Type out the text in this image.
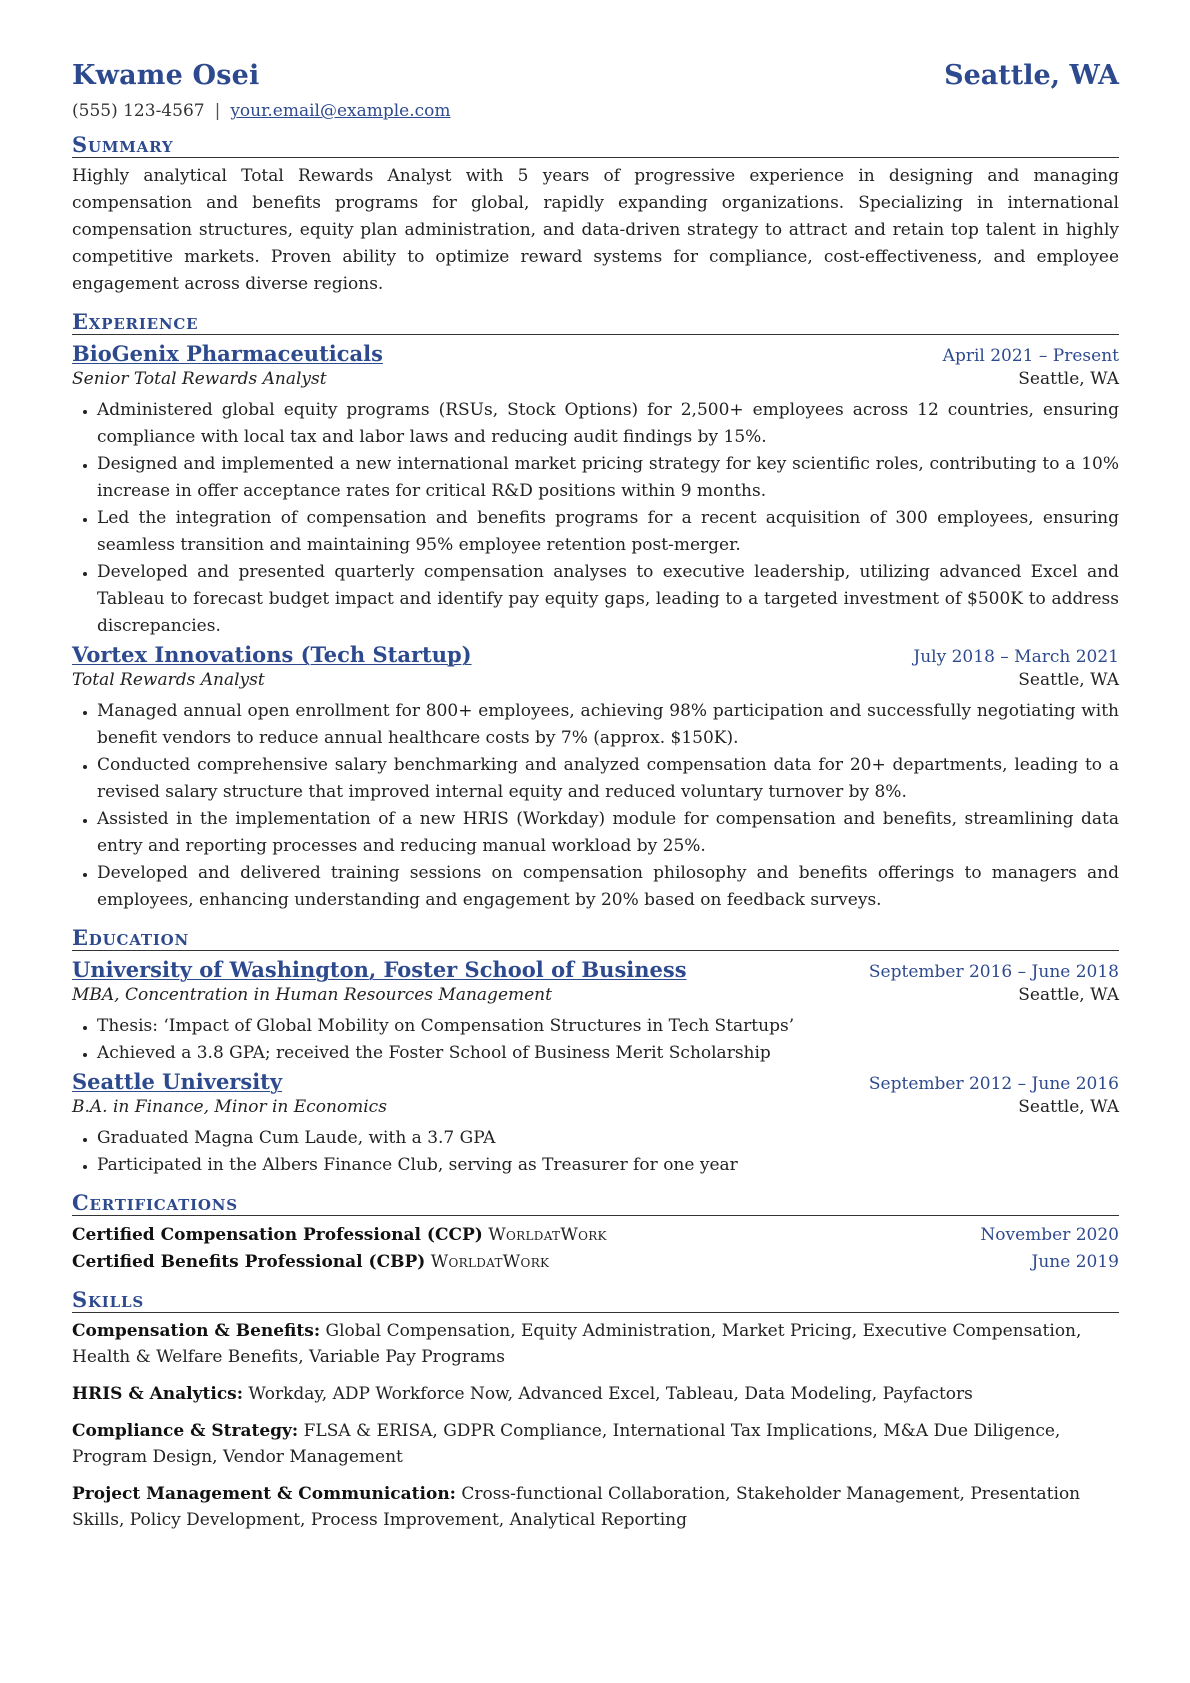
Kwame Osei	Seattle, WA
(555) 123-4567 | your.email@example.com
Summary
Highly analytical Total Rewards Analyst with 5 years of progressive experience in designing and managing compensation and benefits programs for global, rapidly expanding organizations. Specializing in international compensation structures, equity plan administration, and data-driven strategy to attract and retain top talent in highly competitive markets. Proven ability to optimize reward systems for compliance, cost-effectiveness, and employee engagement across diverse regions.
Experience
BioGenix Pharmaceuticals	April 2021 – Present
Senior Total Rewards Analyst	Seattle, WA
• Administered global equity programs (RSUs, Stock Options) for 2,500+ employees across 12 countries, ensuring compliance with local tax and labor laws and reducing audit findings by 15%.
• Designed and implemented a new international market pricing strategy for key scientific roles, contributing to a 10% increase in offer acceptance rates for critical R&D positions within 9 months.
• Led the integration of compensation and benefits programs for a recent acquisition of 300 employees, ensuring seamless transition and maintaining 95% employee retention post-merger.
• Developed and presented quarterly compensation analyses to executive leadership, utilizing advanced Excel and Tableau to forecast budget impact and identify pay equity gaps, leading to a targeted investment of $500K to address discrepancies.
Vortex Innovations (Tech Startup)	July 2018 – March 2021
Total Rewards Analyst	Seattle, WA
• Managed annual open enrollment for 800+ employees, achieving 98% participation and successfully negotiating with benefit vendors to reduce annual healthcare costs by 7% (approx. $150K).
• Conducted comprehensive salary benchmarking and analyzed compensation data for 20+ departments, leading to a revised salary structure that improved internal equity and reduced voluntary turnover by 8%.
• Assisted in the implementation of a new HRIS (Workday) module for compensation and benefits, streamlining data entry and reporting processes and reducing manual workload by 25%.
• Developed and delivered training sessions on compensation philosophy and benefits offerings to managers and employees, enhancing understanding and engagement by 20% based on feedback surveys.
Education
University of Washington, Foster School of Business	September 2016 – June 2018
MBA, Concentration in Human Resources Management	Seattle, WA
• Thesis: ‘Impact of Global Mobility on Compensation Structures in Tech Startups’
• Achieved a 3.8 GPA; received the Foster School of Business Merit Scholarship
Seattle University	September 2012 – June 2016
B.A. in Finance, Minor in Economics	Seattle, WA
• Graduated Magna Cum Laude, with a 3.7 GPA
• Participated in the Albers Finance Club, serving as Treasurer for one year
Certifications
Certified Compensation Professional (CCP) WorldatWork	November 2020
Certified Benefits Professional (CBP) WorldatWork	June 2019
Skills
Compensation & Benefits: Global Compensation, Equity Administration, Market Pricing, Executive Compensation, Health & Welfare Benefits, Variable Pay Programs
HRIS & Analytics: Workday, ADP Workforce Now, Advanced Excel, Tableau, Data Modeling, Payfactors
Compliance & Strategy: FLSA & ERISA, GDPR Compliance, International Tax Implications, M&A Due Diligence, Program Design, Vendor Management
Project Management & Communication: Cross-functional Collaboration, Stakeholder Management, Presentation Skills, Policy Development, Process Improvement, Analytical Reporting
